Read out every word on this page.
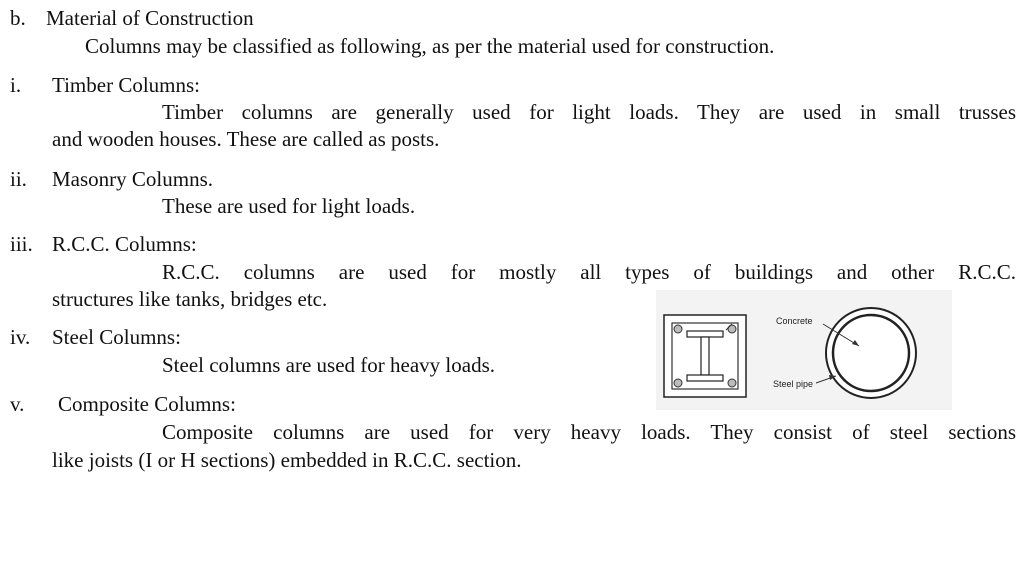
b. Material of Construction
Columns may be classified as following, as per the material used for construction.
i. Timber Columns:
Timber columns are generally used for light loads. They are used in small trusses
and wooden houses. These are called as posts.
ii. Masonry Columns.
These are used for light loads.
iii. R.C.C. Columns:
R.C.C. columns are used for mostly all types of buildings and other R.C.C.
structures like tanks, bridges etc.
iv. Steel Columns:
Steel columns are used for heavy loads.
v. Composite Columns:
Composite columns are used for very heavy loads. They consist of steel sections
like joists (I or H sections) embedded in R.C.C. section.
Concrete
Steel pipe
